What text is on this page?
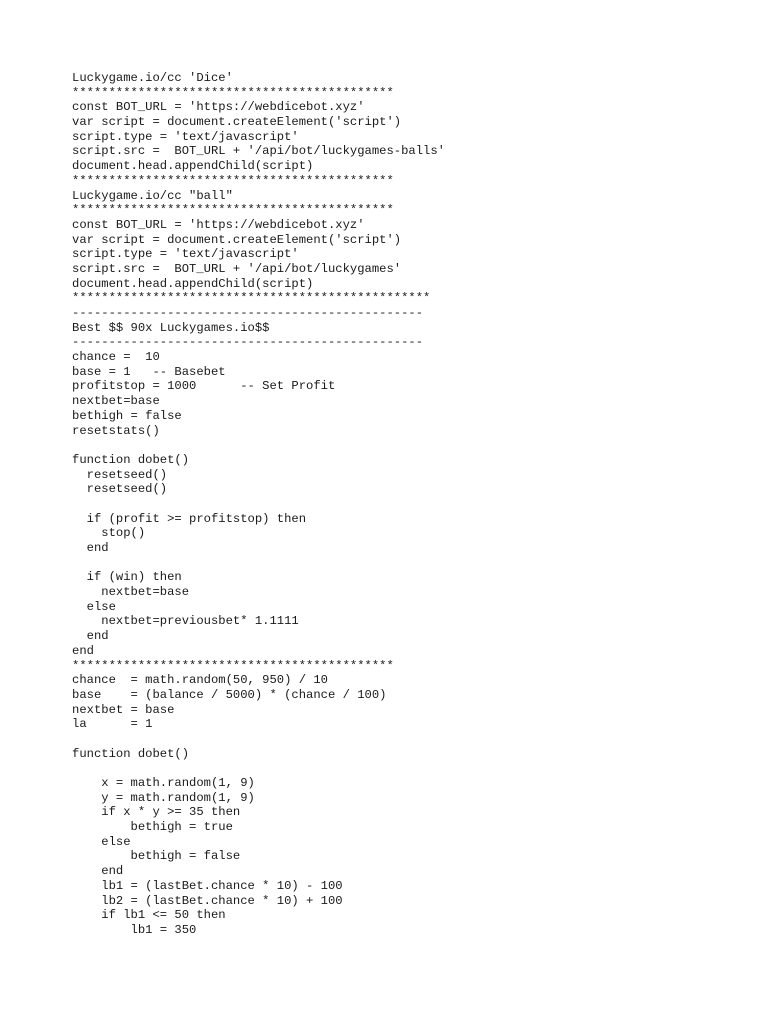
Luckygame.io/cc 'Dice'
********************************************
const BOT_URL = 'https://webdicebot.xyz'
var script = document.createElement('script')
script.type = 'text/javascript'
script.src =  BOT_URL + '/api/bot/luckygames-balls'
document.head.appendChild(script)
********************************************
Luckygame.io/cc "ball"
********************************************
const BOT_URL = 'https://webdicebot.xyz'
var script = document.createElement('script')
script.type = 'text/javascript'
script.src =  BOT_URL + '/api/bot/luckygames'
document.head.appendChild(script)
*************************************************
------------------------------------------------
Best $$ 90x Luckygames.io$$
------------------------------------------------
chance =  10
base = 1   -- Basebet
profitstop = 1000      -- Set Profit
nextbet=base
bethigh = false
resetstats()
function dobet()
resetseed()
resetseed()
if (profit >= profitstop) then
stop()
end
if (win) then
nextbet=base
else
nextbet=previousbet* 1.1111
end
end
********************************************
chance  = math.random(50, 950) / 10
base    = (balance / 5000) * (chance / 100)
nextbet = base
la      = 1
function dobet()
x = math.random(1, 9)
y = math.random(1, 9)
if x * y >= 35 then
bethigh = true
else
bethigh = false
end
lb1 = (lastBet.chance * 10) - 100
lb2 = (lastBet.chance * 10) + 100
if lb1 <= 50 then
lb1 = 350
